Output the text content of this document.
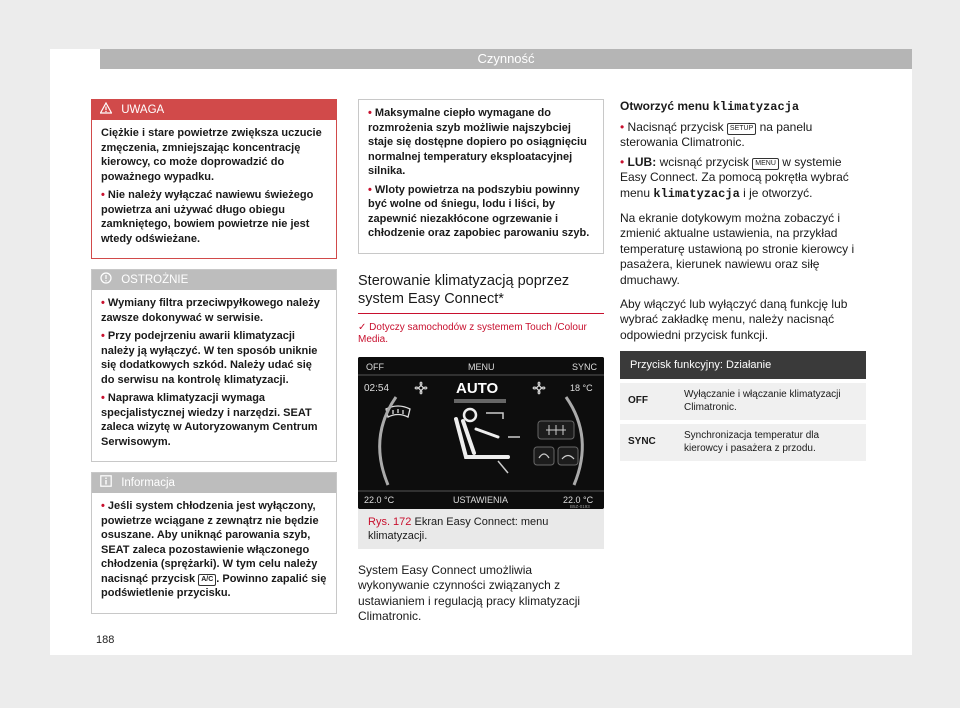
Czynność
UWAGA

Ciężkie i stare powietrze zwiększa uczucie zmęczenia, zmniejszając koncentrację kierowcy, co może doprowadzić do poważnego wypadku.

• Nie należy wyłączać nawiewu świeżego powietrza ani używać długo obiegu zamkniętego, bowiem powietrze nie jest wtedy odświeżane.

OSTROŻNIE

• Wymiany filtra przeciwpyłkowego należy zawsze dokonywać w serwisie.

• Przy podejrzeniu awarii klimatyzacji należy ją wyłączyć. W ten sposób uniknie się dodatkowych szkód. Należy udać się do serwisu na kontrolę klimatyzacji.

• Naprawa klimatyzacji wymaga specjalistycznej wiedzy i narzędzi. SEAT zaleca wizytę w Autoryzowanym Centrum Serwisowym.

Informacja

• Jeśli system chłodzenia jest wyłączony, powietrze wciągane z zewnątrz nie będzie osuszane. Aby uniknąć parowania szyb, SEAT zaleca pozostawienie włączonego chłodzenia (sprężarki). W tym celu należy nacisnąć przycisk A/C . Powinno zapalić się podświetlenie przycisku.

• Maksymalne ciepło wymagane do rozmrożenia szyb możliwie najszybciej staje się dostępne dopiero po osiągnięciu normalnej temperatury eksploatacyjnej silnika.

• Wloty powietrza na podszybiu powinny być wolne od śniegu, lodu i liści, by zapewnić niezakłócone ogrzewanie i chłodzenie oraz zapobiec parowaniu szyb.

Sterowanie klimatyzacją poprzez system Easy Connect*
✓ Dotyczy samochodów z systemem Touch /Colour Media.
OFF	MENU	SYNC
02:54	18 °C
AUTO
22.0 °C	USTAWIENIA	22.0 °C
B5Z-0193
Rys. 172 Ekran Easy Connect: menu klimatyzacji.

System Easy Connect umożliwia wykonywanie czynności związanych z ustawianiem i regulacją pracy klimatyzacji Climatronic.

Otworzyć menu klimatyzacja

• Nacisnąć przycisk SETUP na panelu sterowania Climatronic.

• LUB: wcisnąć przycisk MENU w systemie Easy Connect. Za pomocą pokrętła wybrać menu klimatyzacja i je otworzyć.

Na ekranie dotykowym można zobaczyć i zmienić aktualne ustawienia, na przykład temperaturę ustawioną po stronie kierowcy i pasażera, kierunek nawiewu oraz siłę dmuchawy.

Aby włączyć lub wyłączyć daną funkcję lub wybrać zakładkę menu, należy nacisnąć odpowiedni przycisk funkcji.

Przycisk funkcyjny: Działanie	
OFF	Wyłączanie i włączanie klimatyzacji Climatronic.
SYNC	Synchronizacja temperatur dla kierowcy i pasażera z przodu.
188
